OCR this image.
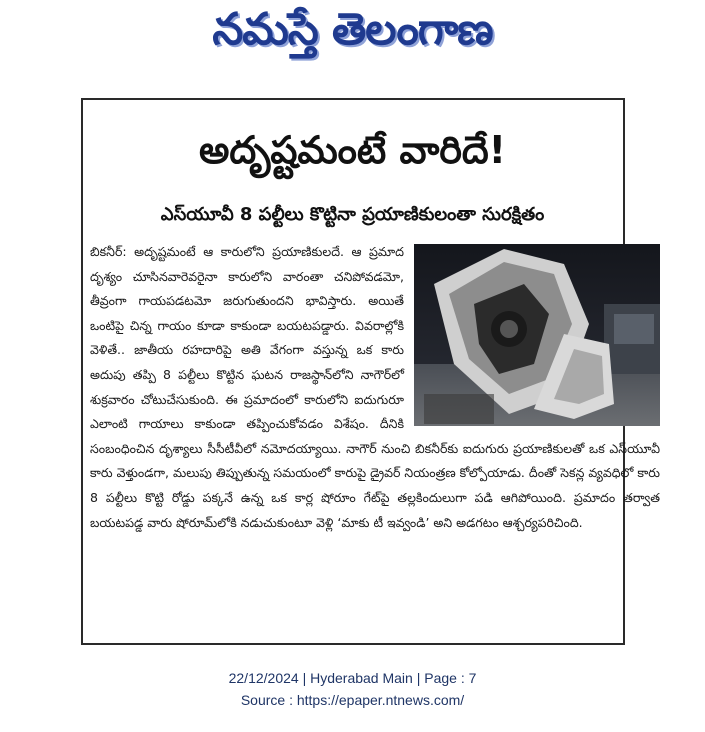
నమస్తే తెలంగాణ
అదృష్టమంటే వారిదే!
ఎస్‌యూవీ 8 పల్టీలు కొట్టినా ప్రయాణికులంతా సురక్షితం
బికనీర్: అదృష్టమంటే ఆ కారులోని ప్రయాణికులదే. ఆ ప్రమాద దృశ్యం చూసినవారెవరైనా కారులోని వారంతా చనిపోవడమో, తీవ్రంగా గాయపడటమో జరుగుతుందని భావిస్తారు. అయితే ఒంటిపై చిన్న గాయం కూడా కాకుండా బయటపడ్డారు. వివరాల్లోకి వెళితే.. జాతీయ రహదారిపై అతి వేగంగా వస్తున్న ఒక కారు అదుపు తప్పి 8 పల్టీలు కొట్టిన ఘటన రాజస్థాన్‌లోని నాగౌర్‌లో శుక్రవారం చోటుచేసుకుంది. ఈ ప్రమాదంలో కారులోని ఐదుగురూ ఎలాంటి గాయాలు కాకుండా తప్పించుకోవడం విశేషం. దీనికి సంబంధించిన దృశ్యాలు సీసీటీవీలో నమోదయ్యాయి. నాగౌర్ నుంచి బికనీర్‌కు ఐదుగురు ప్రయాణికులతో ఒక ఎస్‌యూవీ కారు వెళ్తుండగా, మలుపు తిప్పుతున్న సమయంలో కారుపై డ్రైవర్ నియంత్రణ కోల్పోయాడు. దీంతో సెకన్ల వ్యవధిలో కారు 8 పల్టీలు కొట్టి రోడ్డు పక్కనే ఉన్న ఒక కార్ల షోరూం గేట్‌పై తల్లకిందులుగా పడి ఆగిపోయింది. ప్రమాదం తర్వాత బయటపడ్డ వారు షోరూమ్‌లోకి నడుచుకుంటూ వెళ్లి ‘మాకు టీ ఇవ్వండి’ అని అడగటం ఆశ్చర్యపరిచింది.
22/12/2024 | Hyderabad Main | Page : 7
Source : https://epaper.ntnews.com/
